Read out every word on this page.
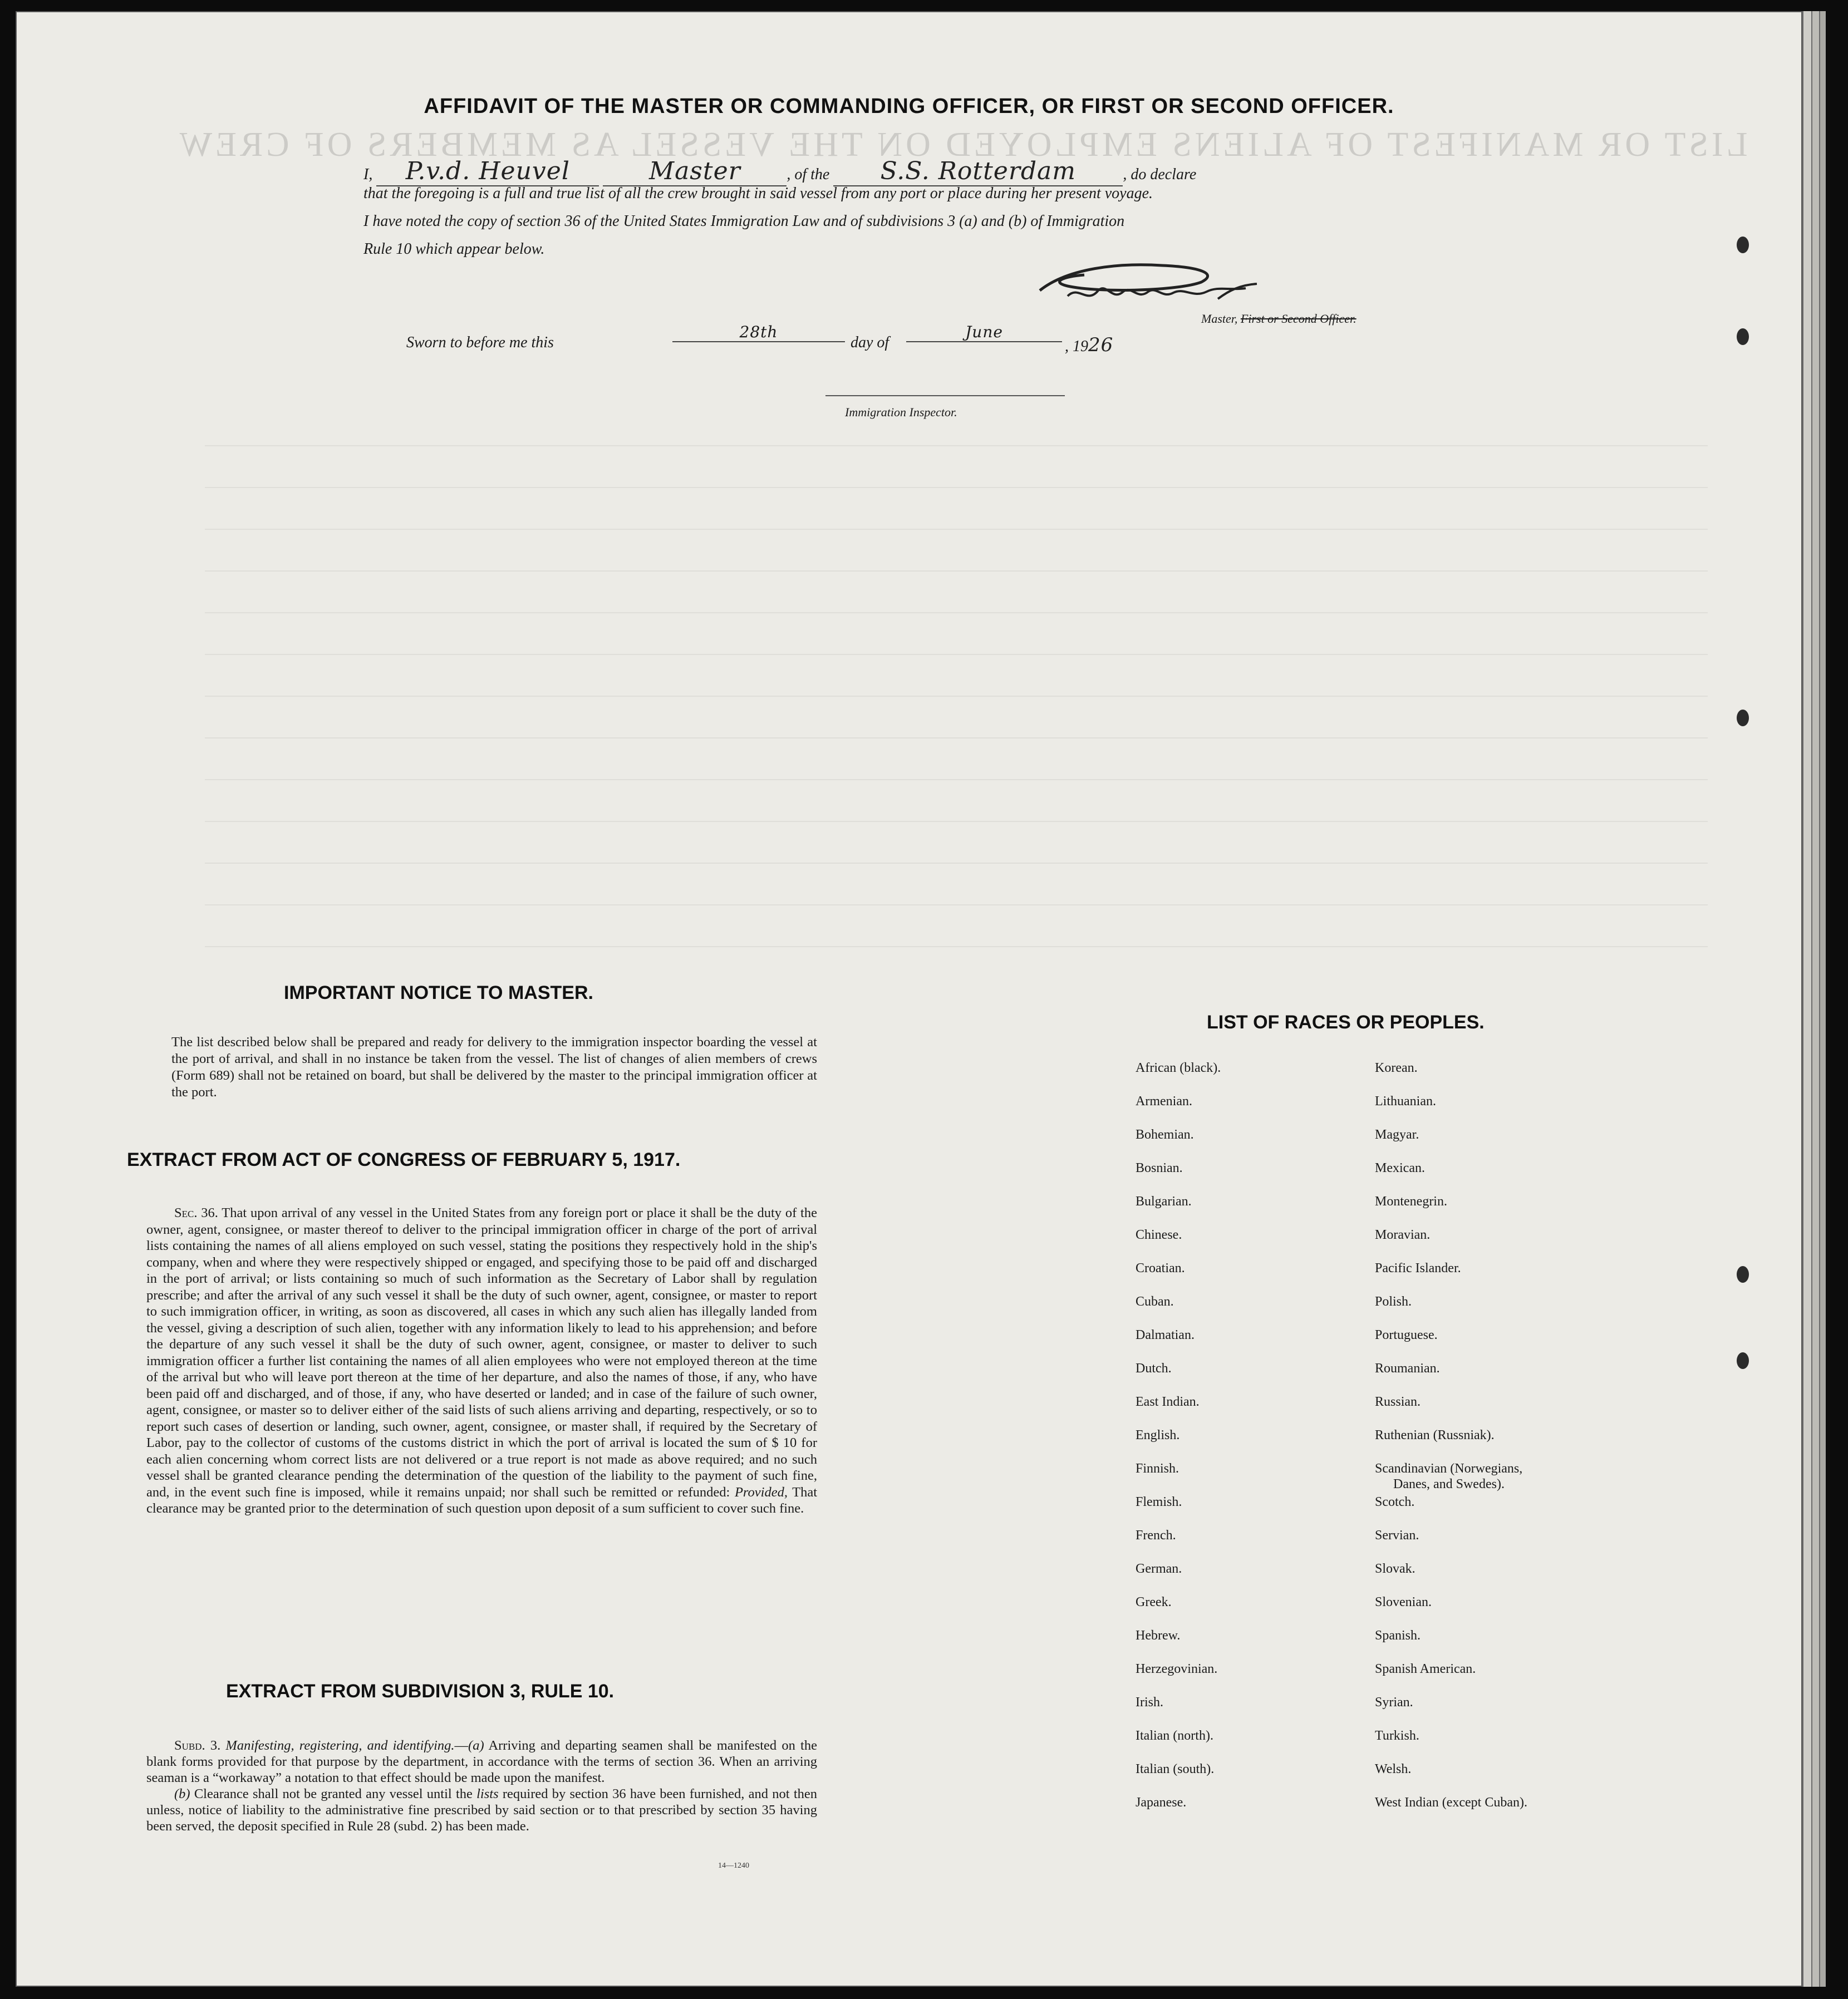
LIST OR MANIFEST OF ALIENS EMPLOYED ON THE VESSEL AS MEMBERS OF CREW
AFFIDAVIT OF THE MASTER OR COMMANDING OFFICER, OR FIRST OR SECOND OFFICER.
I, P.v.d. Heuvel	Master	, of the S.S. Rotterdam	, do declare
that the foregoing is a full and true list of all the crew brought in said vessel from any port or place during her present voyage.
I have noted the copy of section 36 of the United States Immigration Law and of subdivisions 3 (a) and (b) of Immigration
Rule 10 which appear below.
Master, First or Second Officer.
Sworn to before me this
28th
day of
June
, 1926
Immigration Inspector.
IMPORTANT NOTICE TO MASTER.
The list described below shall be prepared and ready for delivery to the immigration inspector boarding the vessel at the port of arrival, and shall in no instance be taken from the vessel. The list of changes of alien members of crews (Form 689) shall not be retained on board, but shall be delivered by the master to the principal immigration officer at the port.
EXTRACT FROM ACT OF CONGRESS OF FEBRUARY 5, 1917.
Sec. 36. That upon arrival of any vessel in the United States from any foreign port or place it shall be the duty of the owner, agent, consignee, or master thereof to deliver to the principal immigration officer in charge of the port of arrival lists containing the names of all aliens employed on such vessel, stating the positions they respectively hold in the ship's company, when and where they were respectively shipped or engaged, and specifying those to be paid off and discharged in the port of arrival; or lists containing so much of such information as the Secretary of Labor shall by regulation prescribe; and after the arrival of any such vessel it shall be the duty of such owner, agent, consignee, or master to report to such immigration officer, in writing, as soon as discovered, all cases in which any such alien has illegally landed from the vessel, giving a description of such alien, together with any information likely to lead to his apprehension; and before the departure of any such vessel it shall be the duty of such owner, agent, consignee, or master to deliver to such immigration officer a further list containing the names of all alien employees who were not employed thereon at the time of the arrival but who will leave port thereon at the time of her departure, and also the names of those, if any, who have been paid off and discharged, and of those, if any, who have deserted or landed; and in case of the failure of such owner, agent, consignee, or master so to deliver either of the said lists of such aliens arriving and departing, respectively, or so to report such cases of desertion or landing, such owner, agent, consignee, or master shall, if required by the Secretary of Labor, pay to the collector of customs of the customs district in which the port of arrival is located the sum of $ 10 for each alien concerning whom correct lists are not delivered or a true report is not made as above required; and no such vessel shall be granted clearance pending the determination of the question of the liability to the payment of such fine, and, in the event such fine is imposed, while it remains unpaid; nor shall such be remitted or refunded: Provided, That clearance may be granted prior to the determination of such question upon deposit of a sum sufficient to cover such fine.
EXTRACT FROM SUBDIVISION 3, RULE 10.

Subd. 3. Manifesting, registering, and identifying.—(a) Arriving and departing seamen shall be manifested on the blank forms provided for that purpose by the department, in accordance with the terms of section 36. When an arriving seaman is a “workaway” a notation to that effect should be made upon the manifest.

(b) Clearance shall not be granted any vessel until the lists required by section 36 have been furnished, and not then unless, notice of liability to the administrative fine prescribed by said section or to that prescribed by section 35 having been served, the deposit specified in Rule 28 (subd. 2) has been made.

14—1240
LIST OF RACES OR PEOPLES.
African (black).
Armenian.
Bohemian.
Bosnian.
Bulgarian.
Chinese.
Croatian.
Cuban.
Dalmatian.
Dutch.
East Indian.
English.
Finnish.
Flemish.
French.
German.
Greek.
Hebrew.
Herzegovinian.
Irish.
Italian (north).
Italian (south).
Japanese.
Korean.
Lithuanian.
Magyar.
Mexican.
Montenegrin.
Moravian.
Pacific Islander.
Polish.
Portuguese.
Roumanian.
Russian.
Ruthenian (Russniak).
Scandinavian (Norwegians,
Danes, and Swedes).
Scotch.
Servian.
Slovak.
Slovenian.
Spanish.
Spanish American.
Syrian.
Turkish.
Welsh.
West Indian (except Cuban).
